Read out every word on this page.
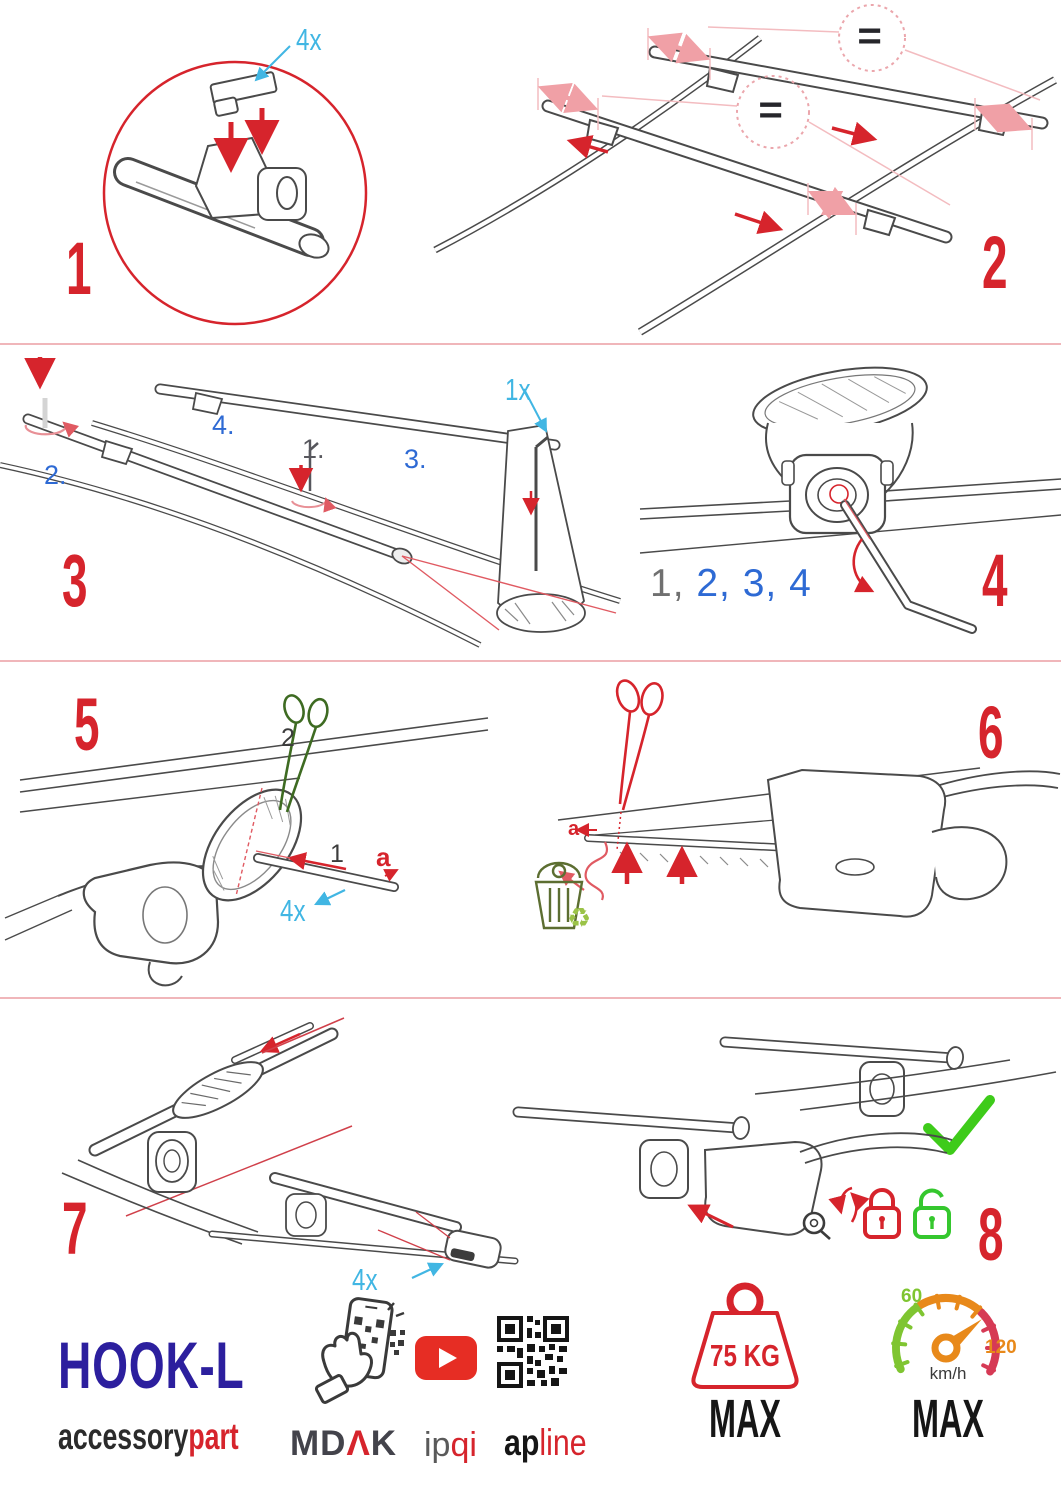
4x
1
=
=
2
2.
4.
1.	3.
1x
3	1, 2, 3, 4 4
2
1 a
4x
5
a
♻
6
4x
7	8
HOOK-L
accessorypart MDΛK ipqi apline
75 KG
MAX
60
120
km/h
MAX
